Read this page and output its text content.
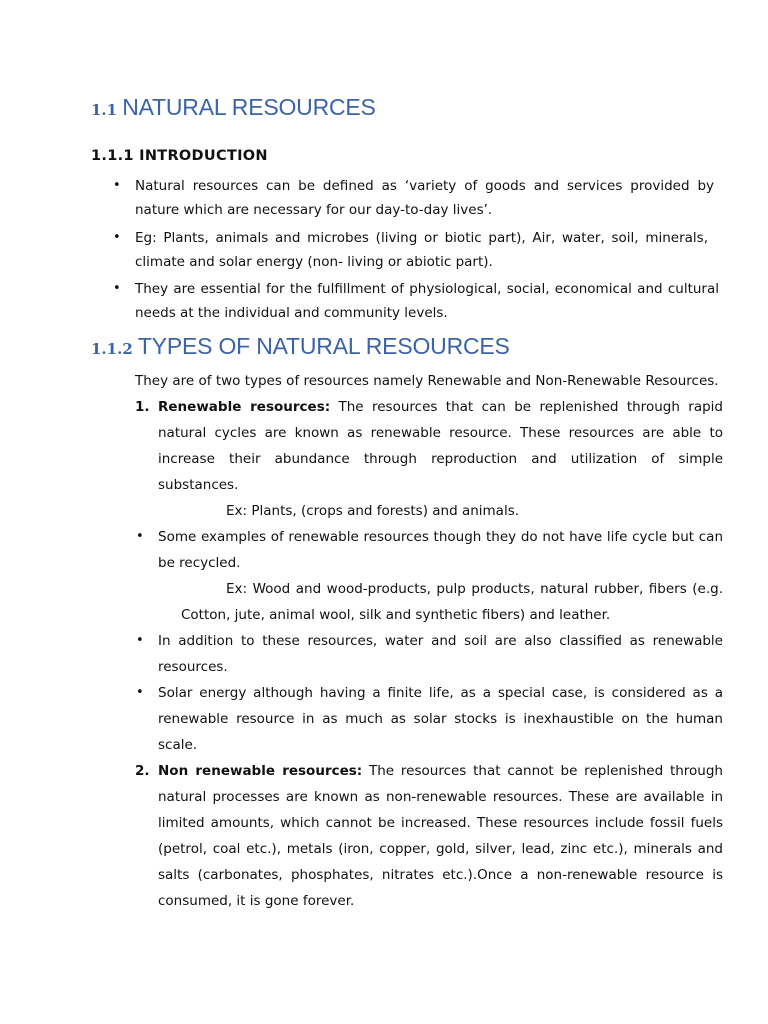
1.1 NATURAL RESOURCES
1.1.1 INTRODUCTION
• Natural resources can be defined as ‘variety of goods and services provided by
nature which are necessary for our day-to-day lives’.
• Eg: Plants, animals and microbes (living or biotic part), Air, water, soil, minerals,
climate and solar energy (non- living or abiotic part).
• They are essential for the fulfillment of physiological, social, economical and cultural
needs at the individual and community levels.
1.1.2 TYPES OF NATURAL RESOURCES
They are of two types of resources namely Renewable and Non-Renewable Resources.
1. Renewable resources: The resources that can be replenished through rapid
natural cycles are known as renewable resource. These resources are able to
increase their abundance through reproduction and utilization of simple
substances.
Ex: Plants, (crops and forests) and animals.
• Some examples of renewable resources though they do not have life cycle but can
be recycled.
Ex: Wood and wood-products, pulp products, natural rubber, fibers (e.g.
Cotton, jute, animal wool, silk and synthetic fibers) and leather.
• In addition to these resources, water and soil are also classified as renewable
resources.
• Solar energy although having a finite life, as a special case, is considered as a
renewable resource in as much as solar stocks is inexhaustible on the human
scale.
2. Non renewable resources: The resources that cannot be replenished through
natural processes are known as non-renewable resources. These are available in
limited amounts, which cannot be increased. These resources include fossil fuels
(petrol, coal etc.), metals (iron, copper, gold, silver, lead, zinc etc.), minerals and
salts (carbonates, phosphates, nitrates etc.).Once a non-renewable resource is
consumed, it is gone forever.
